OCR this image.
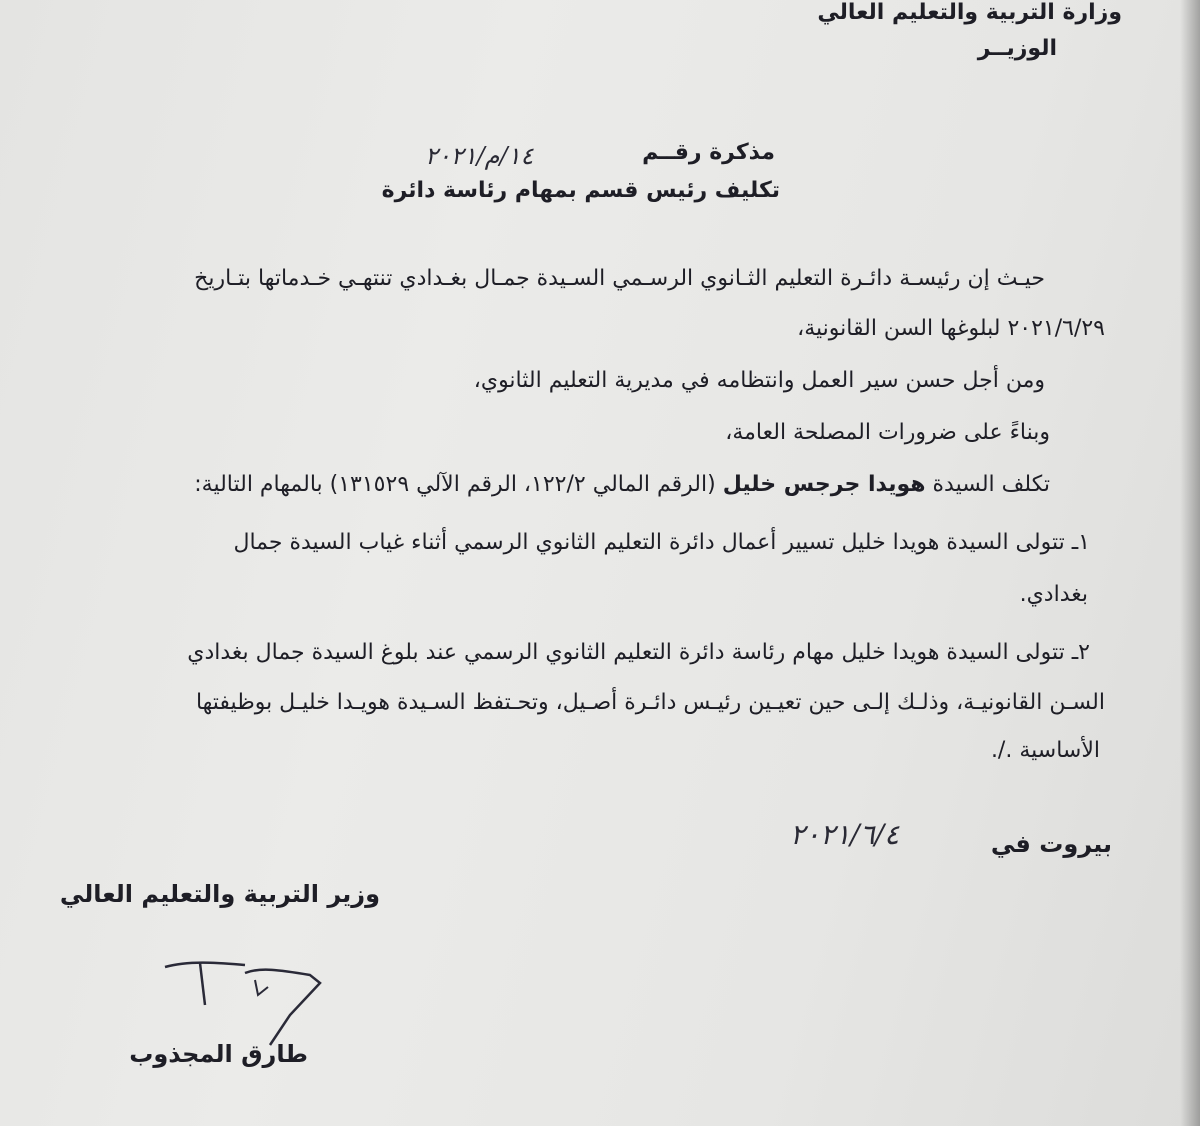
وزارة التربية والتعليم العالي
الوزيــر
مذكرة رقــم
١٤/م/٢٠٢١
تكليف رئيس قسم بمهام رئاسة دائرة
حيـث إن رئيسـة دائـرة التعليم الثـانوي الرسـمي السـيدة جمـال بغـدادي تنتهـي خـدماتها بتـاريخ
٢٠٢١/٦/٢٩ لبلوغها السن القانونية،
ومن أجل حسن سير العمل وانتظامه في مديرية التعليم الثانوي،
وبناءً على ضرورات المصلحة العامة،
تكلف السيدة هويدا جرجس خليل (الرقم المالي ١٢٢/٢، الرقم الآلي ١٣١٥٢٩) بالمهام التالية:
١ـ تتولى السيدة هويدا خليل تسيير أعمال دائرة التعليم الثانوي الرسمي أثناء غياب السيدة جمال
بغدادي.
٢ـ تتولى السيدة هويدا خليل مهام رئاسة دائرة التعليم الثانوي الرسمي عند بلوغ السيدة جمال بغدادي
السـن القانونيـة، وذلـك إلـى حين تعيـين رئيـس دائـرة أصـيل، وتحـتفظ السـيدة هويـدا خليـل بوظيفتها
الأساسية ./.
بيروت في
٢٠٢١/٦/٤
وزير التربية والتعليم العالي
طارق المجذوب
